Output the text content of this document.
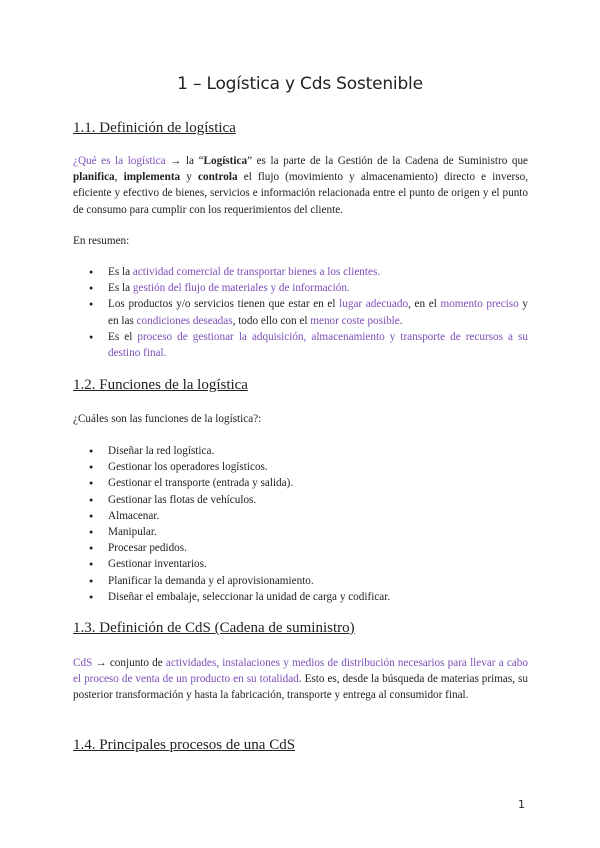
1 – Logística y Cds Sostenible
1.1. Definición de logística

¿Qué es la logística → la “Logística” es la parte de la Gestión de la Cadena de Suministro que planifica, implementa y controla el flujo (movimiento y almacenamiento) directo e inverso, eficiente y efectivo de bienes, servicios e información relacionada entre el punto de origen y el punto de consumo para cumplir con los requerimientos del cliente.

En resumen:

● Es la actividad comercial de transportar bienes a los clientes.
● Es la gestión del flujo de materiales y de información.
● Los productos y/o servicios tienen que estar en el lugar adecuado, en el momento preciso y en las condiciones deseadas, todo ello con el menor coste posible.
● Es el proceso de gestionar la adquisición, almacenamiento y transporte de recursos a su destino final.
1.2. Funciones de la logística

¿Cuáles son las funciones de la logística?:

● Diseñar la red logística.
● Gestionar los operadores logísticos.
● Gestionar el transporte (entrada y salida).
● Gestionar las flotas de vehículos.
● Almacenar.
● Manipular.
● Procesar pedidos.
● Gestionar inventarios.
● Planificar la demanda y el aprovisionamiento.
● Diseñar el embalaje, seleccionar la unidad de carga y codificar.
1.3. Definición de CdS (Cadena de suministro)

CdS → conjunto de actividades, instalaciones y medios de distribución necesarios para llevar a cabo el proceso de venta de un producto en su totalidad. Esto es, desde la búsqueda de materias primas, su posterior transformación y hasta la fabricación, transporte y entrega al consumidor final.

1.4. Principales procesos de una CdS
1
